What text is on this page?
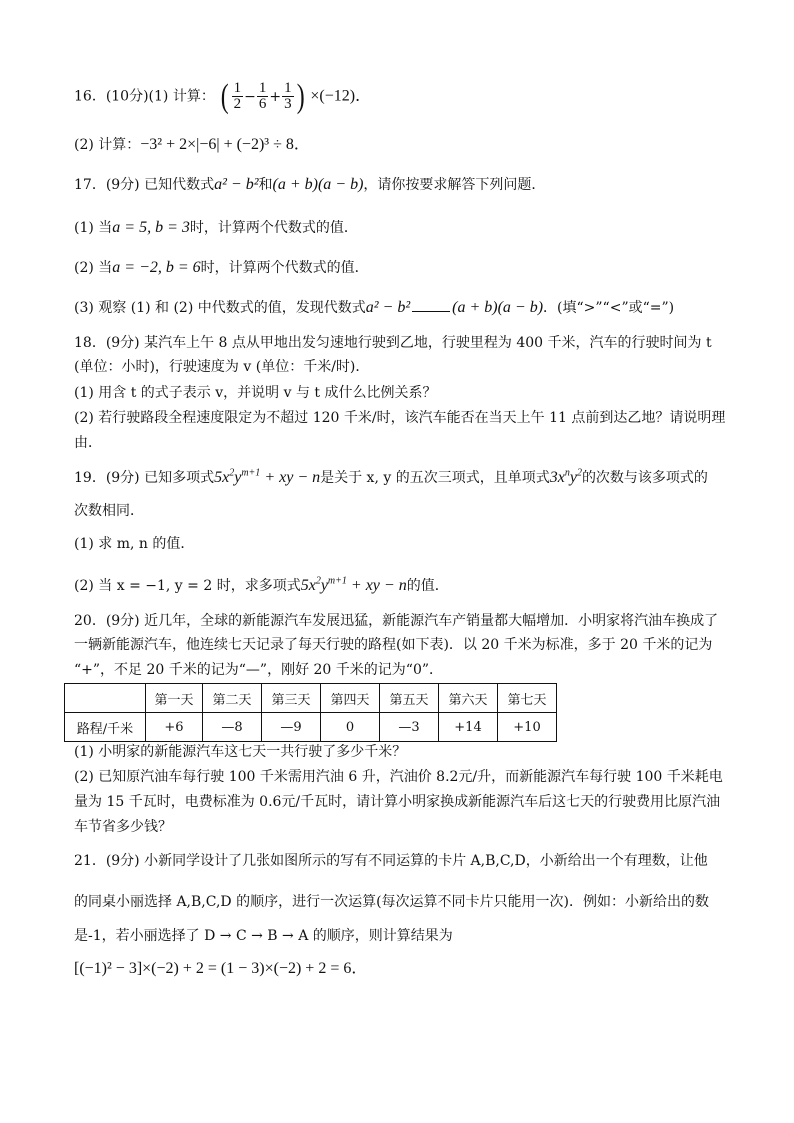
16．(10分)(1) 计算： ( $\frac{1}{2} - \frac{1}{6} + \frac{1}{3}$ ) ×(−12)．
(2) 计算：−3² + 2×|−6| + (−2)³ ÷ 8．
17．(9分) 已知代数式a² − b²和(a + b)(a − b)，请你按要求解答下列问题．
(1) 当a = 5, b = 3时，计算两个代数式的值．
(2) 当a = −2, b = 6时，计算两个代数式的值．
(3) 观察 (1) 和 (2) 中代数式的值，发现代数式a² − b²	(a + b)(a − b)．(填“>”“<”或“=”)
18．(9分) 某汽车上午 8 点从甲地出发匀速地行驶到乙地，行驶里程为 400 千米，汽车的行驶时间为 t
(单位：小时)，行驶速度为 v (单位：千米/时)．
(1) 用含 t 的式子表示 v，并说明 v 与 t 成什么比例关系？
(2) 若行驶路段全程速度限定为不超过 120 千米/时，该汽车能否在当天上午 11 点前到达乙地？请说明理
由．
19．(9分) 已知多项式$5x^2y^{m+1}$ + xy − n是关于 x, y 的五次三项式，且单项式$3x^ny^2$的次数与该多项式的
次数相同．
(1) 求 m, n 的值．
(2) 当 x = −1, y = 2 时，求多项式$5x^2y^{m+1}$ + xy − n的值．
20．(9分) 近几年，全球的新能源汽车发展迅猛，新能源汽车产销量都大幅增加．小明家将汽油车换成了
一辆新能源汽车，他连续七天记录了每天行驶的路程(如下表)．以 20 千米为标准，多于 20 千米的记为
“+”，不足 20 千米的记为“—”，刚好 20 千米的记为“0”．
	第一天	第二天	第三天	第四天	第五天	第六天	第七天
路程/千米	+6	—8	—9	0	—3	+14	+10
(1) 小明家的新能源汽车这七天一共行驶了多少千米？
(2) 已知原汽油车每行驶 100 千米需用汽油 6 升，汽油价 8.2元/升，而新能源汽车每行驶 100 千米耗电
量为 15 千瓦时，电费标准为 0.6元/千瓦时，请计算小明家换成新能源汽车后这七天的行驶费用比原汽油
车节省多少钱？
21．(9分) 小新同学设计了几张如图所示的写有不同运算的卡片 A,B,C,D，小新给出一个有理数，让他
的同桌小丽选择 A,B,C,D 的顺序，进行一次运算(每次运算不同卡片只能用一次)．例如：小新给出的数
是-1，若小丽选择了 D → C → B → A 的顺序，则计算结果为
[(−1)² − 3]×(−2) + 2 = (1 − 3)×(−2) + 2 = 6．
